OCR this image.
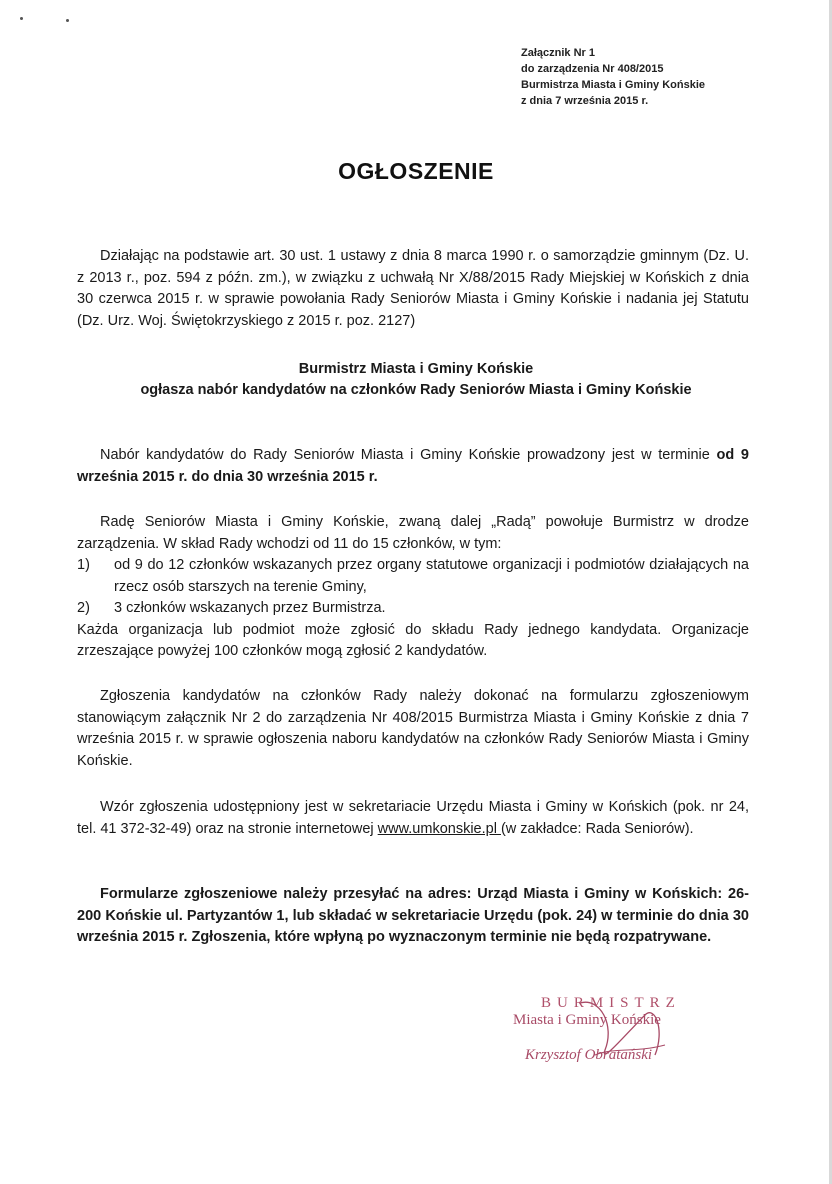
Załącznik Nr 1
do zarządzenia Nr 408/2015
Burmistrza Miasta i Gminy Końskie
z dnia 7 września 2015 r.
OGŁOSZENIE
Działając na podstawie art. 30 ust. 1 ustawy z dnia 8 marca 1990 r. o samorządzie gminnym (Dz. U. z 2013 r., poz. 594 z późn. zm.), w związku z uchwałą Nr X/88/2015 Rady Miejskiej w Końskich z dnia 30 czerwca 2015 r. w sprawie powołania Rady Seniorów Miasta i Gminy Końskie i nadania jej Statutu (Dz. Urz. Woj. Świętokrzyskiego z 2015 r. poz. 2127)
Burmistrz Miasta i Gminy Końskie
ogłasza nabór kandydatów na członków Rady Seniorów Miasta i Gminy Końskie
Nabór kandydatów do Rady Seniorów Miasta i Gminy Końskie prowadzony jest w terminie od 9 września 2015 r. do dnia 30 września 2015 r.
Radę Seniorów Miasta i Gminy Końskie, zwaną dalej „Radą” powołuje Burmistrz w drodze zarządzenia. W skład Rady wchodzi od 11 do 15 członków, w tym:
1)	od 9 do 12 członków wskazanych przez organy statutowe organizacji i podmiotów działających na rzecz osób starszych na terenie Gminy,
2)	3 członków wskazanych przez Burmistrza.
Każda organizacja lub podmiot może zgłosić do składu Rady jednego kandydata. Organizacje zrzeszające powyżej 100 członków mogą zgłosić 2 kandydatów.
Zgłoszenia kandydatów na członków Rady należy dokonać na formularzu zgłoszeniowym stanowiącym załącznik Nr 2 do zarządzenia Nr 408/2015 Burmistrza Miasta i Gminy Końskie z dnia 7 września 2015 r. w sprawie ogłoszenia naboru kandydatów na członków Rady Seniorów Miasta i Gminy Końskie.
Wzór zgłoszenia udostępniony jest w sekretariacie Urzędu Miasta i Gminy w Końskich (pok. nr 24, tel. 41 372-32-49) oraz na stronie internetowej www.umkonskie.pl (w zakładce: Rada Seniorów).
Formularze zgłoszeniowe należy przesyłać na adres: Urząd Miasta i Gminy w Końskich: 26-200 Końskie ul. Partyzantów 1, lub składać w sekretariacie Urzędu (pok. 24) w terminie do dnia 30 września 2015 r. Zgłoszenia, które wpłyną po wyznaczonym terminie nie będą rozpatrywane.
BURMISTRZ
Miasta i Gminy Końskie
Krzysztof Obratański
